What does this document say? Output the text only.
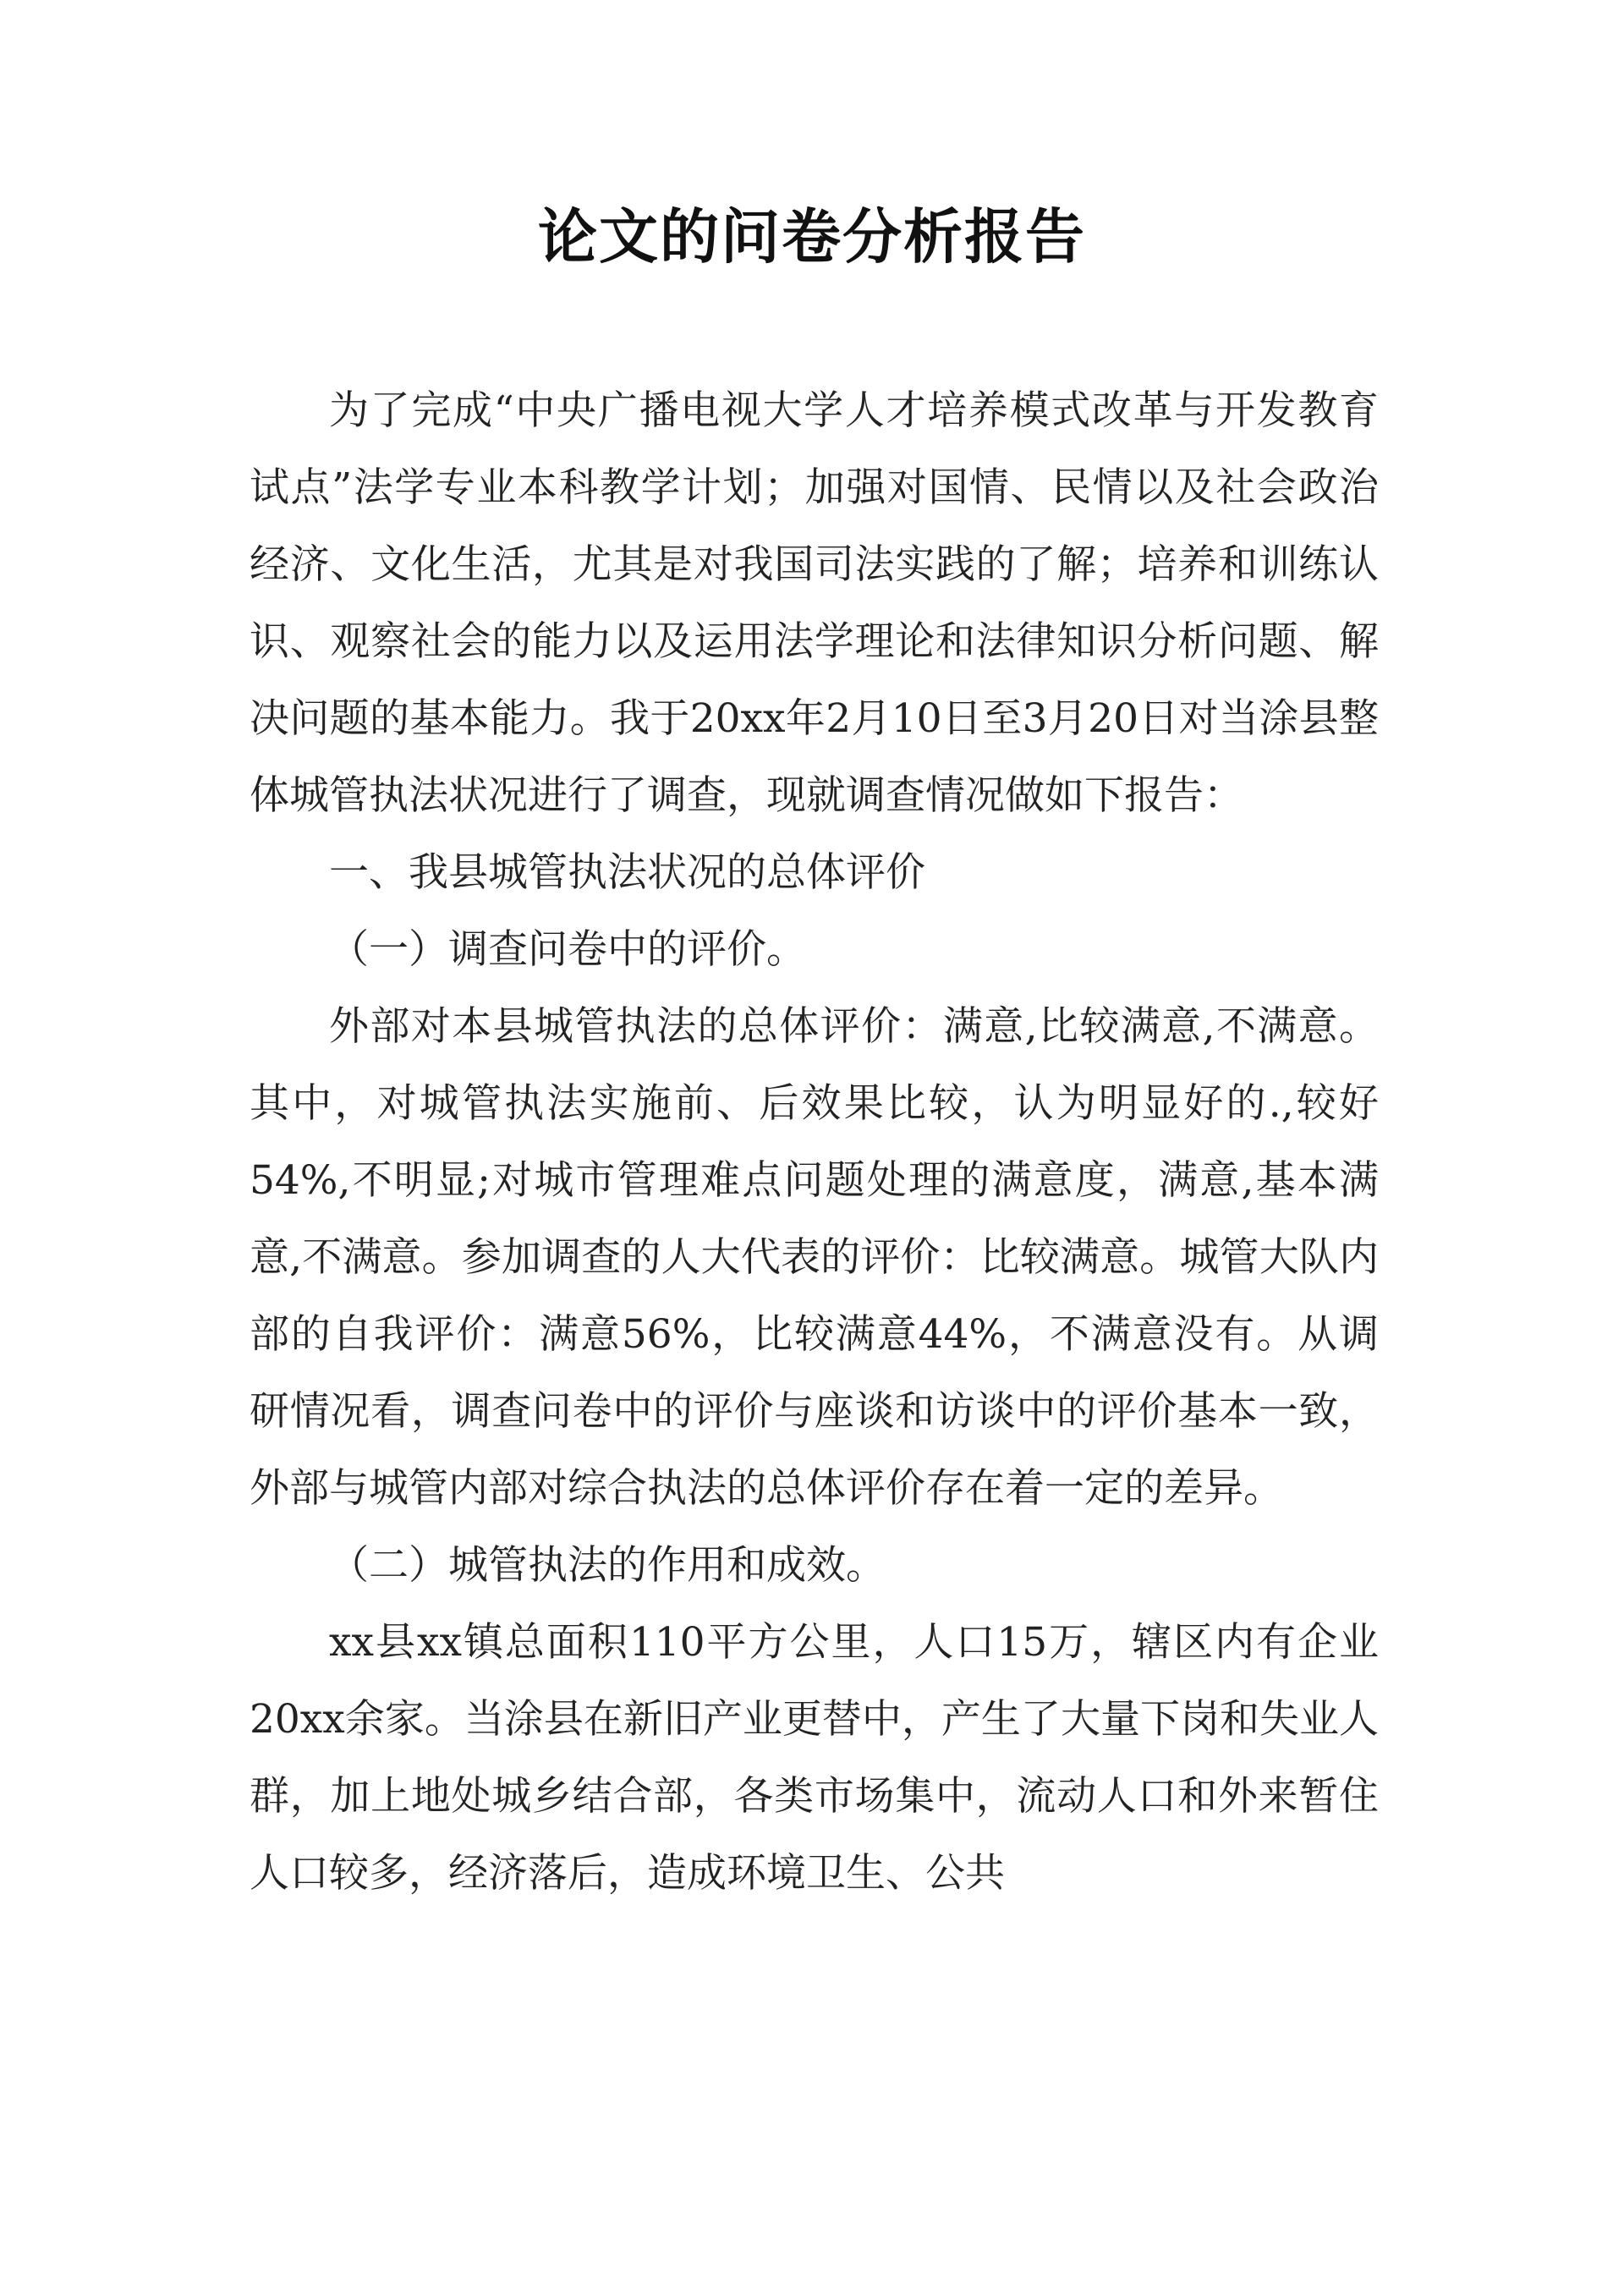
论文的问卷分析报告

为了完成“中央广播电视大学人才培养模式改革与开发教育试点”法学专业本科教学计划；加强对国情、民情以及社会政治经济、文化生活，尤其是对我国司法实践的了解；培养和训练认识、观察社会的能力以及运用法学理论和法律知识分析问题、解决问题的基本能力。我于20xx年2月10日至3月20日对当涂县整体城管执法状况进行了调查，现就调查情况做如下报告：

一、我县城管执法状况的总体评价

（一）调查问卷中的评价。

外部对本县城管执法的总体评价：满意,比较满意,不满意。其中，对城管执法实施前、后效果比较，认为明显好的.,较好54%,不明显;对城市管理难点问题处理的满意度，满意,基本满意,不满意。参加调查的人大代表的评价：比较满意。城管大队内部的自我评价：满意56%，比较满意44%，不满意没有。从调研情况看，调查问卷中的评价与座谈和访谈中的评价基本一致，外部与城管内部对综合执法的总体评价存在着一定的差异。

（二）城管执法的作用和成效。

xx县xx镇总面积110平方公里，人口15万，辖区内有企业20xx余家。当涂县在新旧产业更替中，产生了大量下岗和失业人群，加上地处城乡结合部，各类市场集中，流动人口和外来暂住人口较多，经济落后，造成环境卫生、公共
